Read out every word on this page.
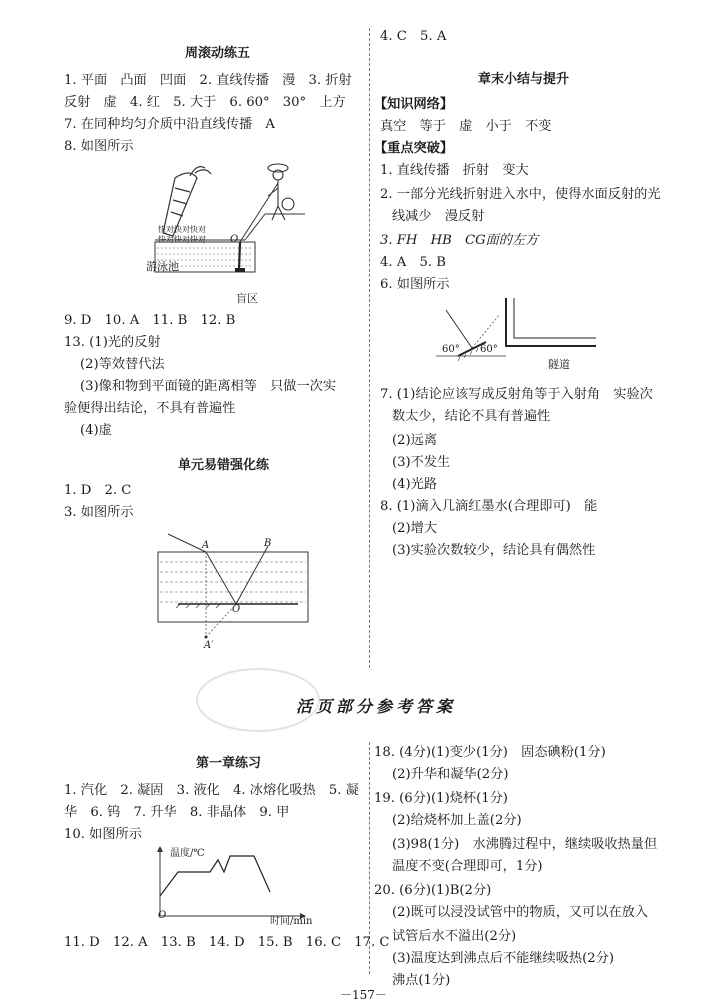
周滚动练五
1. 平面　凸面　凹面　2. 直线传播　漫　3. 折射
反射　虚　4. 红　5. 大于　6. 60°　30°　上方
7. 在同种均匀介质中沿直线传播　A
8. 如图所示
快对快对快对
快对快对快对 O
游泳池
盲区
9. D　10. A　11. B　12. B
13. (1)光的反射
(2)等效替代法
(3)像和物到平面镜的距离相等　只做一次实
验便得出结论，不具有普遍性
(4)虚
单元易错强化练
1. D　2. C
3. 如图所示
A	B
O
A′
4. C　5. A
章末小结与提升
【知识网络】
真空　等于　虚　小于　不变
【重点突破】
1. 直线传播　折射　变大
2. 一部分光线折射进入水中，使得水面反射的光
线减少　漫反射
3. FH　HB　CG面的左方
4. A　5. B
6. 如图所示
60° 60°
隧道
7. (1)结论应该写成反射角等于入射角　实验次
数太少，结论不具有普遍性
(2)远离
(3)不发生
(4)光路
8. (1)滴入几滴红墨水(合理即可)　能
(2)增大
(3)实验次数较少，结论具有偶然性
活页部分参考答案
第一章练习
1. 汽化　2. 凝固　3. 液化　4. 冰熔化吸热　5. 凝
华　6. 钨　7. 升华　8. 非晶体　9. 甲
10. 如图所示
温度/℃
O
时间/min
11. D　12. A　13. B　14. D　15. B　16. C　17. C
18. (4分)(1)变少(1分)　固态碘粉(1分)
(2)升华和凝华(2分)
19. (6分)(1)烧杯(1分)
(2)给烧杯加上盖(2分)
(3)98(1分)　水沸腾过程中，继续吸收热量但
温度不变(合理即可，1分)
20. (6分)(1)B(2分)
(2)既可以浸没试管中的物质，又可以在放入
试管后水不溢出(2分)
(3)温度达到沸点后不能继续吸热(2分)
沸点(1分)
－157－
